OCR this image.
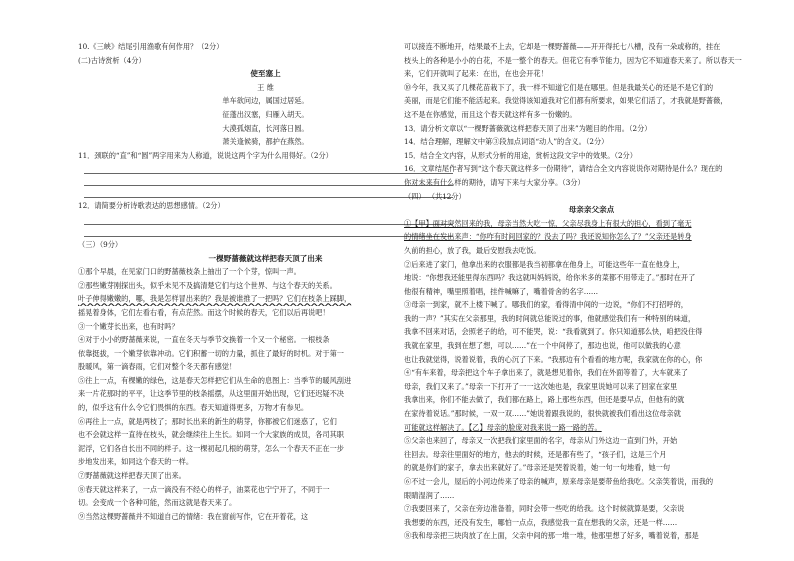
10.《三峡》结尾引用渔歌有何作用？（2分）
(二)古诗赏析（4分）
使至塞上
王 维
单车欲问边，属国过居延。
征蓬出汉塞，归雁入胡天。
大漠孤烟直，长河落日圆。
萧关逢候骑，都护在燕然。
11．颈联的“直”和“圆”两字用来为人称道，说说这两个字为什么用得好。（2分）
12．请简要分析诗歌表达的思想感情。（2分）
（三）（9分）
一棵野蔷薇就这样把春天顶了出来
①那个早晨，在见家门口的野蔷薇枝条上抽出了一个个芽，惊叫一声。
②那些嫩芽刚探出头，似乎未见不及搞清楚它们与这个世界、与这个春天的关系。
叶子伸得嫩嫩的，哪，我是怎样冒出来的？我是被谁推了一把吗？它们在枝条上踩脚，
摇晃着身体，它们左看右看，有点茫然。而这个时候的春天，它们以后再说吧！
③一个嫩芽长出来，也有时吗？
④对于小小的野蔷薇来说，一直在冬天与季节交换着一个又一个秘密。一根枝条
依靠挺拔，一个嫩芽依靠冲动。它们积蓄一切的力量，抓住了最好的时机。对于第一
股暖风，第一滴春雨，它们对整个冬天都有感觉！
⑤往上一点，有棵嫩的绿色，这是春天怎样把它们从生命的息图上：当季节的暖风刮进
来一片花那时的平平，让这季节里的枝条摇摆，从这里面开始出现，它们还迟疑不决
的，似乎这有什么令它们畏惧的东西。春天知道得更多，万物才有参见。
⑥再往上一点，就是两枝了；那时长出来的新生的萌芽，你都被它们迷惑了，它们
也不会就这样一直待在枝头，就会继续往上生长。如同一个大家族的成员，各司其职
泥浮，它们各自长出不同的样子。这一棵初起几根的萌芽，怎么一个春天不正在一步
步地发出来，如同这个春天的一样。
⑦野蔷薇就这样把春天顶了出来。
⑧春天就这样来了，一点一滴没有不经心的样子，油菜花也宁宁开了，不同于一
切。会变成一个各种可能，然而这就是春天来了。
⑨当然这棵野蔷薇并不知道自己的情绪：我在窗前写作，它在开着花，这
可以接连不断地开，结果最不上去，它却是一棵野蔷薇——开开得托七八槽，没有一朵或称的，挂在
枝头上的各种是小小的白花，不是一整个的春天。但花它有季节能力，因为它不知道春天来了。所以春天一
来，它们开就叫了起来：在出，在也会开花！
⑩今年，我又买了几棵花苗栽下了，我一样不知道它们是在哪里。但是我最关心的还是不是它们的
美丽，而是它们能不能活起来。我觉得该知道我对它们都有所要求，如果它们活了，才我就是野蔷薇，
这不是在你感觉，而且这个春天就这样有多一份嫩的。
13．请分析文章以“一棵野蔷薇就这样把春天顶了出来”为题目的作用。（2分）
14．结合理解，理解文中第③段加点词语“动人”的含义。（2分）
15．结合全文内容，从形式分析的用途，赏析这段文字中的效果。（2分）
16．文章结尾作者写到“这个春天就这样多一份期待”，请结合全文内容说说你对期待是什么？现在的
你对未来有什么样的期待，请写下来与大家分享。（3分）
（四） （共12分）
母亲亲父亲点
①【甲】面对突然回来的我，母亲当然大吃一惊，父亲尽我身上有很大的担心，看到了毫无
的情绪坐在发出来声：“你咋有时间回家的？没去了吗？我还说知你怎么了？”父亲还是转身
久前的担心，放了我，最后安慰我去吃饭。
②后来进了家门，他拿出来的衣服都是我当初都拿在他身上，可能这些年一直在他身上，
地说：“你想我还能里得东西吗？我这就叫妈妈说，给你米多的菜都不用带走了。”那时在开了
他很有精神，嘴里照着唱，挂件喊嘛了，嘴着骨舍的名字……
③母亲一到家，就不上楼下喊了。哪我们的家，看得清中间的一边说，“你们不打招呼的，
我的一声？”其实在父亲那里，我的时间就总能说过的事，他就感觉我们有一种特别的味道，
我拿不回来对话，会照老子的给，可不能哭，说：“我看就到了。你只知道那么快，咱把没住得
我就在家里，我到在想了想，可以……”在一个中间停了，那边也说，他可以做我的心意
也让我就觉得，说着说着，我的心沉了下来。“我那边有个看看的地方呢，我家就在你的心，你
④“有车来着，母亲把这个车子拿出来了，就是想见着你，我们在外面等着了，大车就来了
母亲，我们又来了。”母亲一下打开了一一这次她也是，我家里说她可以来了回家在家里
我拿出来，你们不能去做了，我们都在路上，路上那些东西，但还是要早点，但他有的就
在家待着说话。”那时候，一双一双……”她说着跟我说的，很快就被我们看出这位母亲就
可能就这样解决了。【乙】母亲的脸庞对我来说一路一路的苦。
⑤父亲也来回了，母亲又一次把我们家里面的名字，母亲从门外这边一直到门外，开始
往回去。母亲往里面好的地方，他去的时候，还是都有些了，“孩子们，这是三个月
的就是你们的家子，拿去出来就好了。”母亲还是哭着说着，她一句一句地看，她一句
⑥不过一会儿，屋后的小河边传来了母亲的喊声，原来母亲是要带鱼给我吃。父亲笑着说，而我的
眼睛湿润了……
⑦我要回来了，父亲在旁边准备着，同时会带一些吃的给我。这个时候就算是要，父亲说
我想要的东西，还没有发生，哪怕一点点，我感觉我一直在想我的父亲，还是一样……
⑧我和母亲把三块肉放了在上面，父亲中间的那一堆一堆，他那里想了好多，嘴着说着，那是
